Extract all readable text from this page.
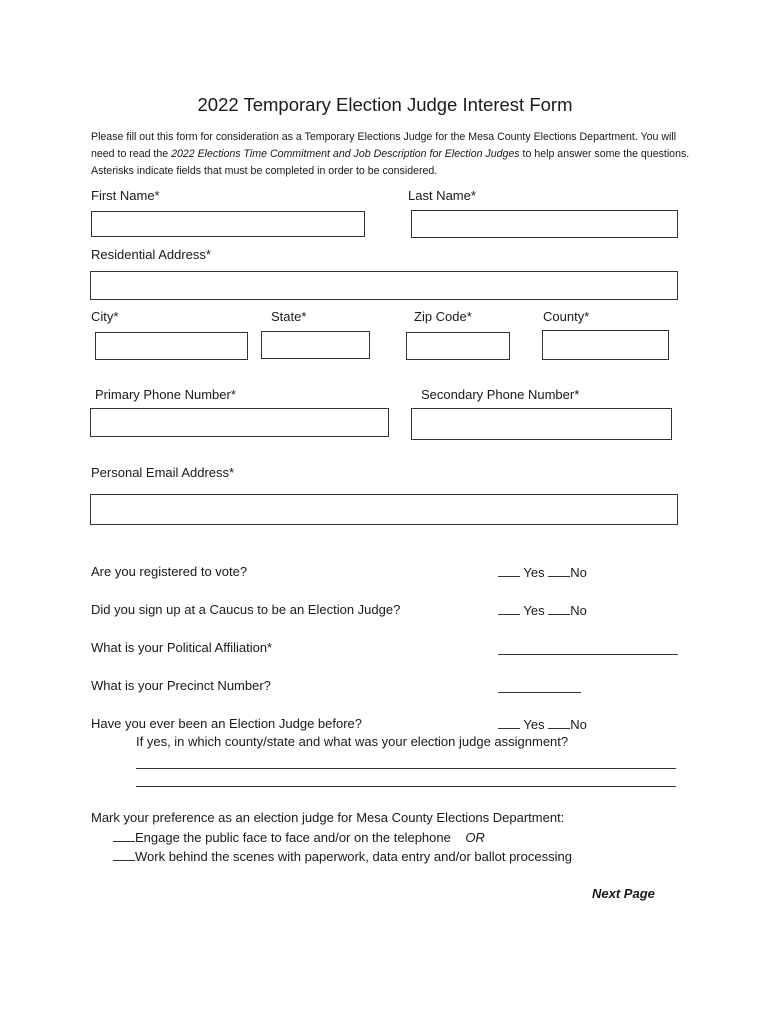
2022 Temporary Election Judge Interest Form
Please fill out this form for consideration as a Temporary Elections Judge for the Mesa County Elections Department. You will need to read the 2022 Elections Time Commitment and Job Description for Election Judges to help answer some the questions. Asterisks indicate fields that must be completed in order to be considered.
First Name*	Last Name*
Residential Address*
City*	State*	Zip Code*	County*
Primary Phone Number*	Secondary Phone Number*
Personal Email Address*
Are you registered to vote?	Yes No
Did you sign up at a Caucus to be an Election Judge?	Yes No
What is your Political Affiliation*
What is your Precinct Number?
Have you ever been an Election Judge before?	Yes No
If yes, in which county/state and what was your election judge assignment?
Mark your preference as an election judge for Mesa County Elections Department:
Engage the public face to face and/or on the telephone OR
Work behind the scenes with paperwork, data entry and/or ballot processing
Next Page
